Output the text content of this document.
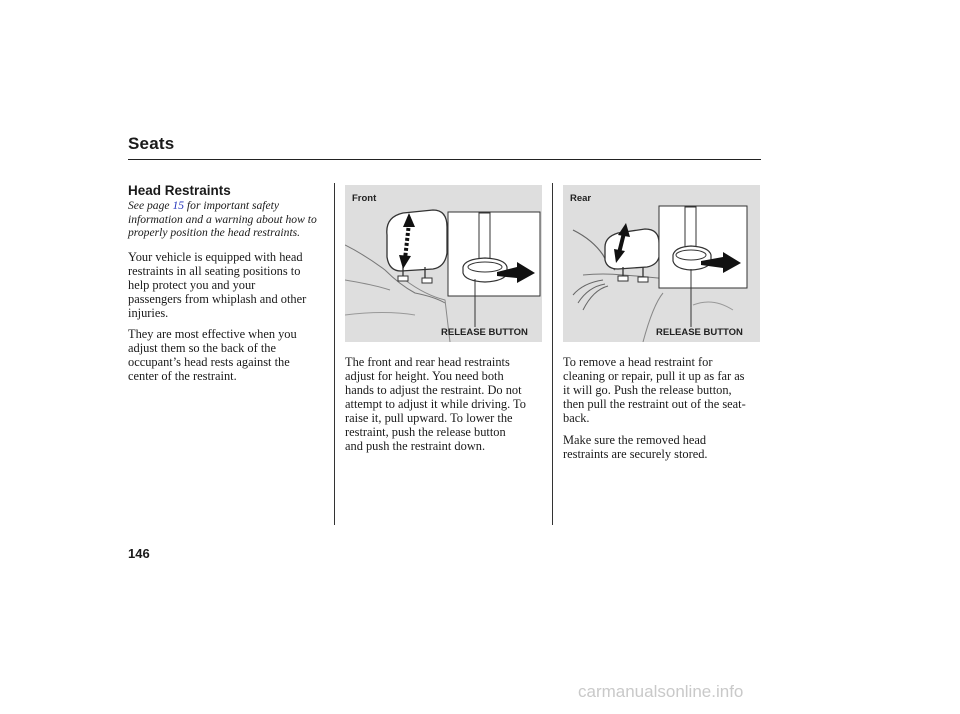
Seats
Head Restraints
See page 15 for important safety information and a warning about how to properly position the head restraints.
Your vehicle is equipped with head
restraints in all seating positions to
help protect you and your
passengers from whiplash and other
injuries.
They are most effective when you
adjust them so the back of the
occupant’s head rests against the
center of the restraint.
Front
RELEASE BUTTON
Rear
RELEASE BUTTON
The front and rear head restraints
adjust for height. You need both
hands to adjust the restraint. Do not
attempt to adjust it while driving. To
raise it, pull upward. To lower the
restraint, push the release button
and push the restraint down.
To remove a head restraint for
cleaning or repair, pull it up as far as
it will go. Push the release button,
then pull the restraint out of the seat-
back.
Make sure the removed head
restraints are securely stored.
146
carmanualsonline.info
